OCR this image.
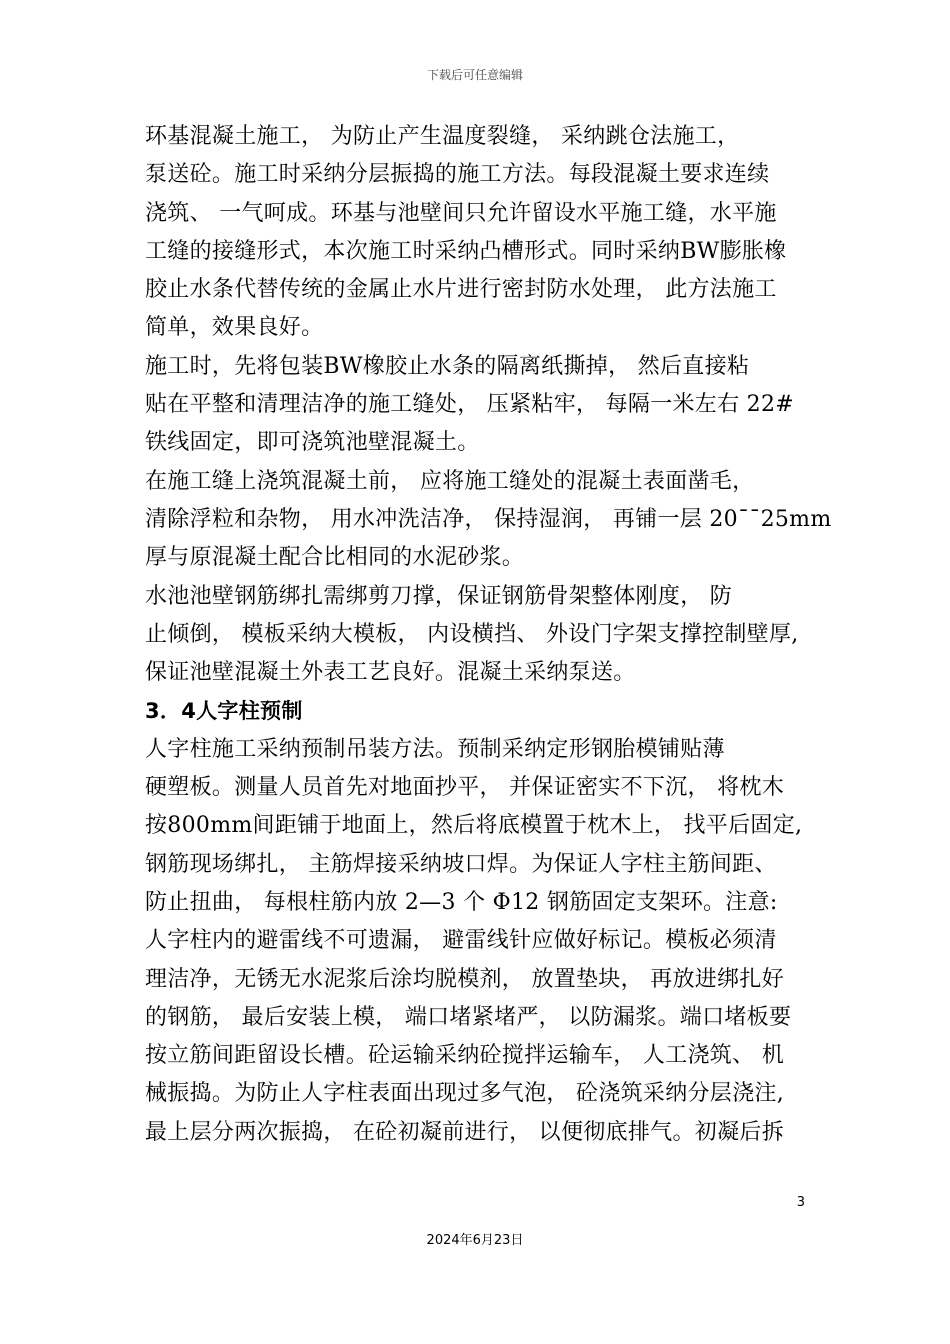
下载后可任意编辑
环基混凝土施工， 为防止产生温度裂缝， 采纳跳仓法施工，
泵送砼。施工时采纳分层振捣的施工方法。每段混凝土要求连续
浇筑、 一气呵成。环基与池壁间只允许留设水平施工缝，水平施
工缝的接缝形式，本次施工时采纳凸槽形式。同时采纳BW膨胀橡
胶止水条代替传统的金属止水片进行密封防水处理， 此方法施工
简单，效果良好。
施工时，先将包装BW橡胶止水条的隔离纸撕掉， 然后直接粘
贴在平整和清理洁净的施工缝处， 压紧粘牢， 每隔一米左右 22#
铁线固定，即可浇筑池壁混凝土。
在施工缝上浇筑混凝土前， 应将施工缝处的混凝土表面凿毛，
清除浮粒和杂物， 用水冲洗洁净， 保持湿润， 再铺一层 20¯¯25mm
厚与原混凝土配合比相同的水泥砂浆。
水池池壁钢筋绑扎需绑剪刀撑，保证钢筋骨架整体刚度， 防
止倾倒， 模板采纳大模板， 内设横挡、 外设门字架支撑控制壁厚,
保证池壁混凝土外表工艺良好。混凝土采纳泵送。
3．4人字柱预制
人字柱施工采纳预制吊装方法。预制采纳定形钢胎模铺贴薄
硬塑板。测量人员首先对地面抄平， 并保证密实不下沉， 将枕木
按800mm间距铺于地面上，然后将底模置于枕木上， 找平后固定,
钢筋现场绑扎， 主筋焊接采纳坡口焊。为保证人字柱主筋间距、
防止扭曲， 每根柱筋内放 2—3 个 Φ12 钢筋固定支架环。注意:
人字柱内的避雷线不可遗漏， 避雷线针应做好标记。模板必须清
理洁净，无锈无水泥浆后涂均脱模剂， 放置垫块， 再放进绑扎好
的钢筋， 最后安装上模， 端口堵紧堵严， 以防漏浆。端口堵板要
按立筋间距留设长槽。砼运输采纳砼搅拌运输车， 人工浇筑、 机
械振捣。为防止人字柱表面出现过多气泡， 砼浇筑采纳分层浇注,
最上层分两次振捣， 在砼初凝前进行， 以便彻底排气。初凝后拆
3
2024年6月23日
